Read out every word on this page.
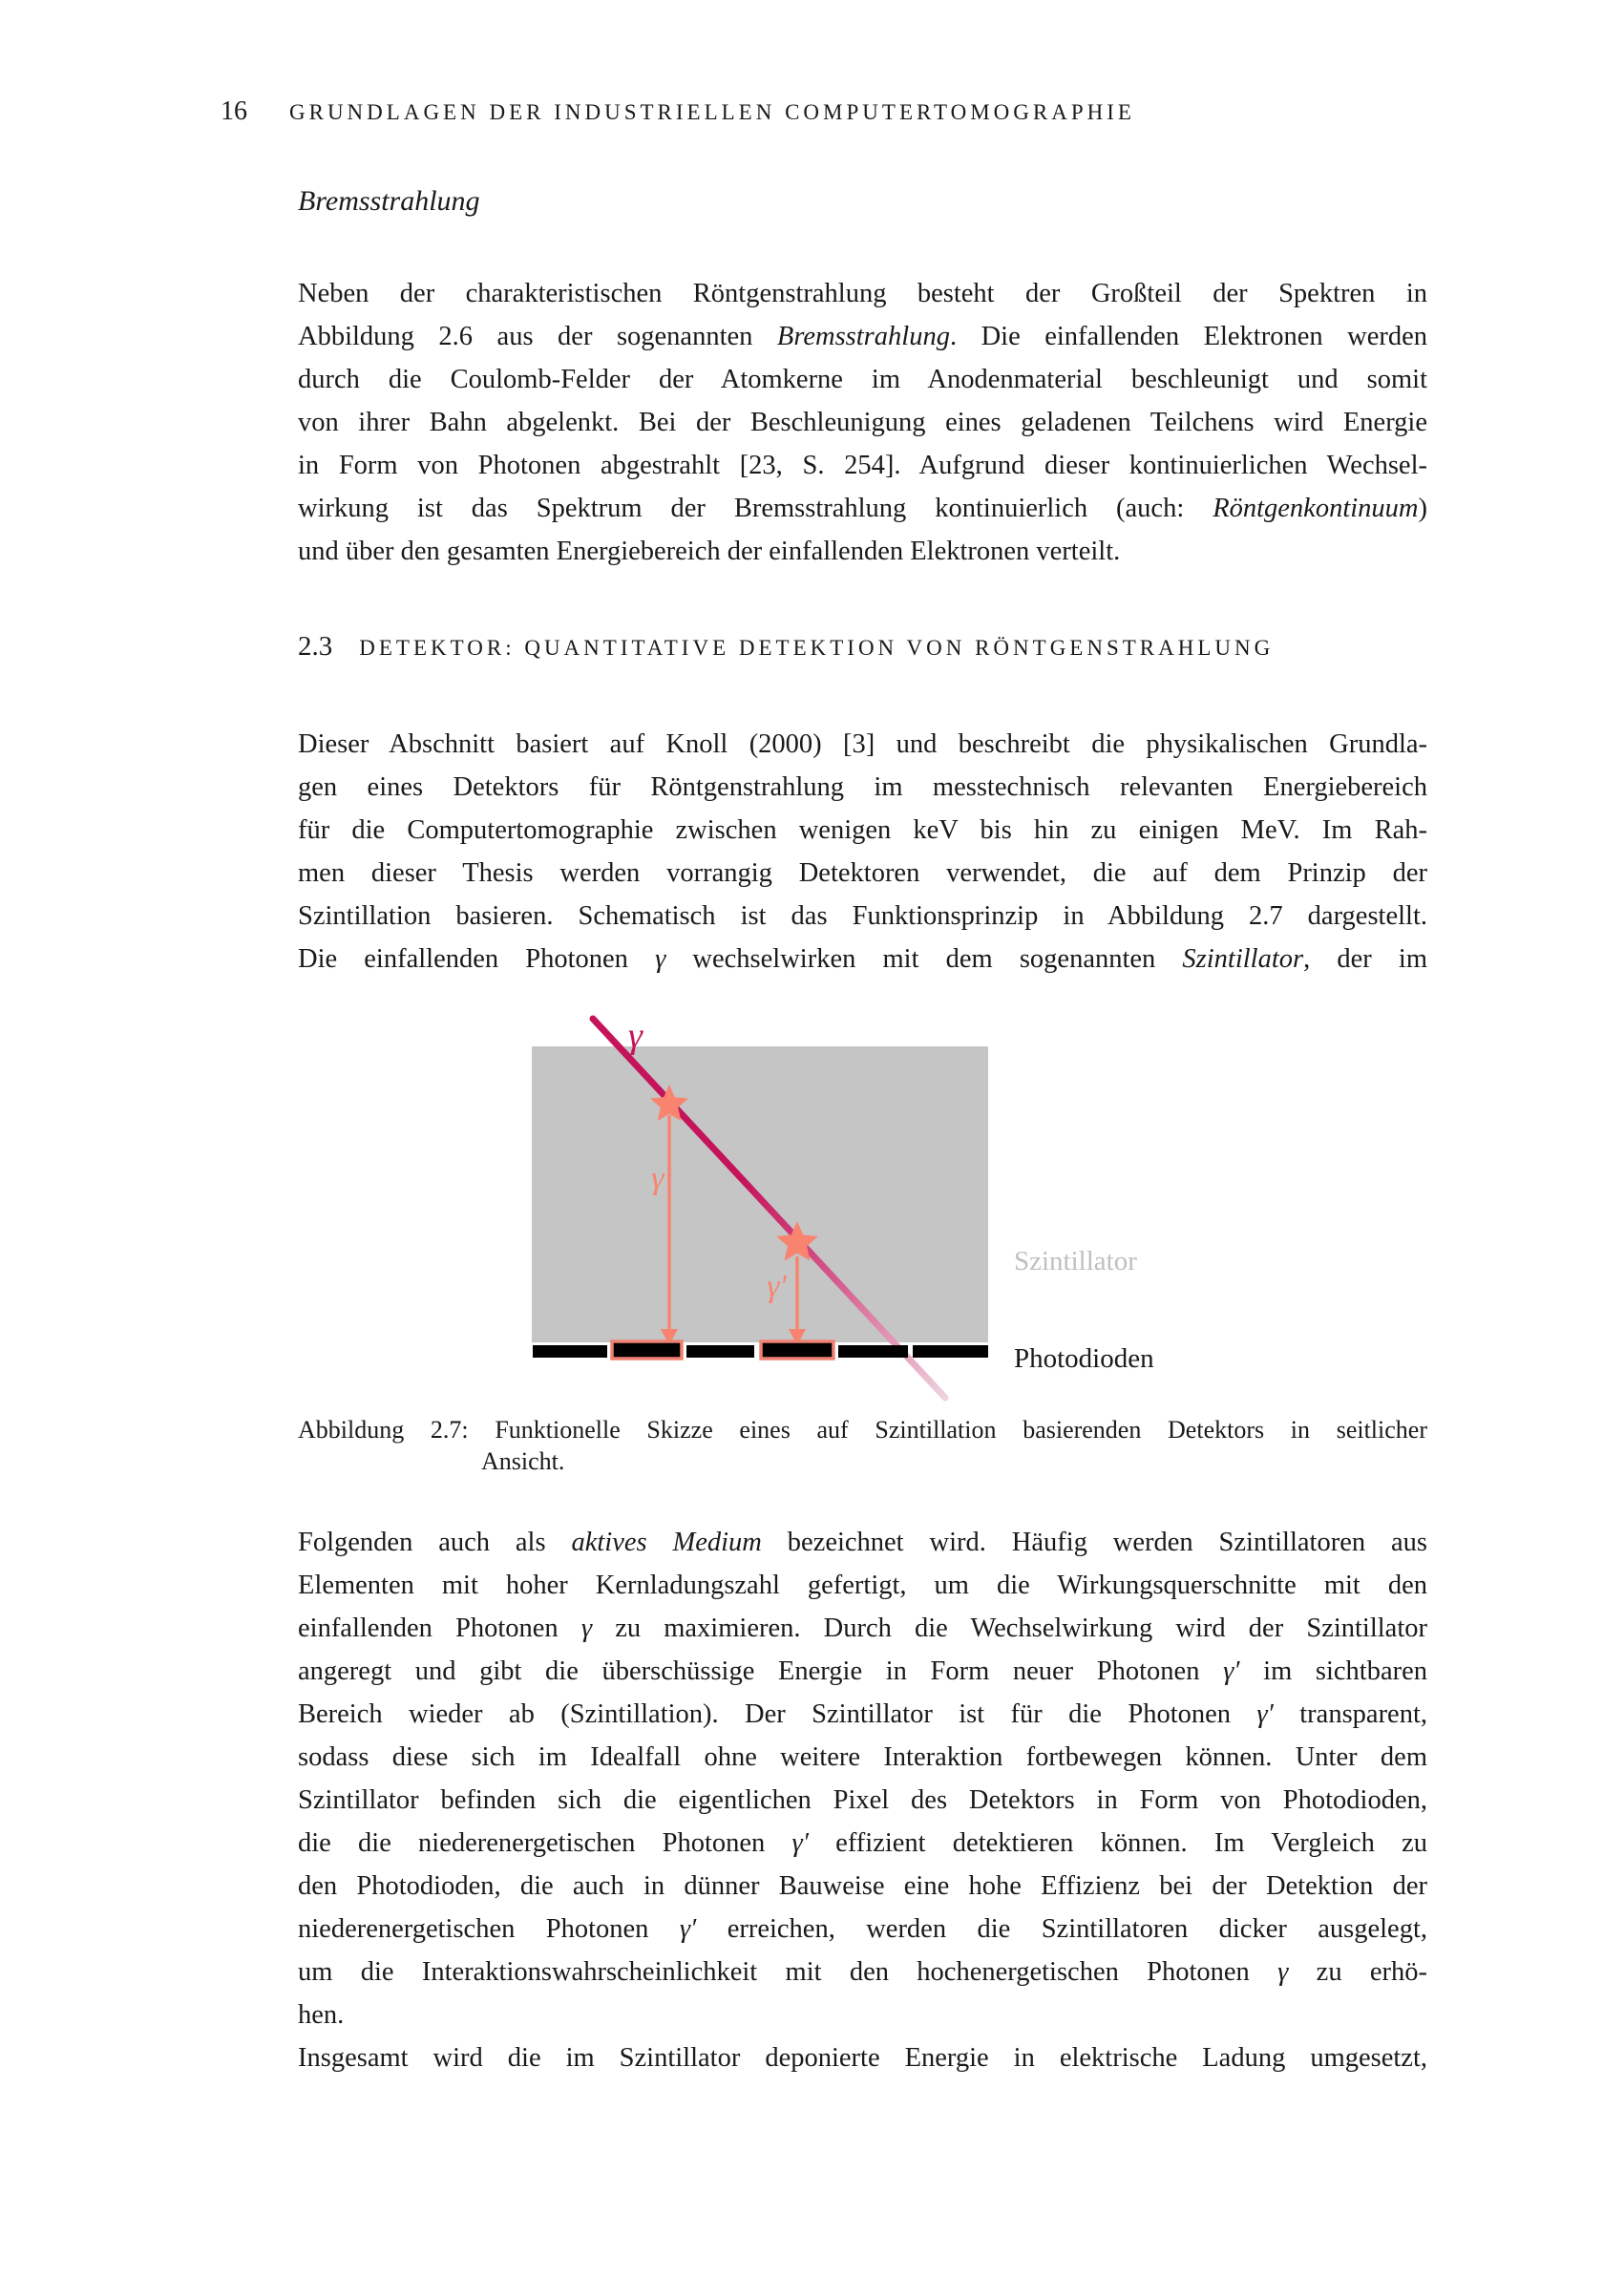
16 GRUNDLAGEN DER INDUSTRIELLEN COMPUTERTOMOGRAPHIE
Bremsstrahlung
Neben der charakteristischen Röntgenstrahlung besteht der Großteil der Spektren in
Abbildung 2.6 aus der sogenannten Bremsstrahlung. Die einfallenden Elektronen werden
durch die Coulomb-Felder der Atomkerne im Anodenmaterial beschleunigt und somit
von ihrer Bahn abgelenkt. Bei der Beschleunigung eines geladenen Teilchens wird Energie
in Form von Photonen abgestrahlt [23, S. 254]. Aufgrund dieser kontinuierlichen Wechsel-
wirkung ist das Spektrum der Bremsstrahlung kontinuierlich (auch: Röntgenkontinuum)
und über den gesamten Energiebereich der einfallenden Elektronen verteilt.
2.3 DETEKTOR: QUANTITATIVE DETEKTION VON RÖNTGENSTRAHLUNG
Dieser Abschnitt basiert auf Knoll (2000) [3] und beschreibt die physikalischen Grundla-
gen eines Detektors für Röntgenstrahlung im messtechnisch relevanten Energiebereich
für die Computertomographie zwischen wenigen keV bis hin zu einigen MeV. Im Rah-
men dieser Thesis werden vorrangig Detektoren verwendet, die auf dem Prinzip der
Szintillation basieren. Schematisch ist das Funktionsprinzip in Abbildung 2.7 dargestellt.
Die einfallenden Photonen γ wechselwirken mit dem sogenannten Szintillator, der im
γ
γ′
γ′
Szintillator
Photodioden
Abbildung 2.7: Funktionelle Skizze eines auf Szintillation basierenden Detektors in seitlicher
Ansicht.
Folgenden auch als aktives Medium bezeichnet wird. Häufig werden Szintillatoren aus
Elementen mit hoher Kernladungszahl gefertigt, um die Wirkungsquerschnitte mit den
einfallenden Photonen γ zu maximieren. Durch die Wechselwirkung wird der Szintillator
angeregt und gibt die überschüssige Energie in Form neuer Photonen γ′ im sichtbaren
Bereich wieder ab (Szintillation). Der Szintillator ist für die Photonen γ′ transparent,
sodass diese sich im Idealfall ohne weitere Interaktion fortbewegen können. Unter dem
Szintillator befinden sich die eigentlichen Pixel des Detektors in Form von Photodioden,
die die niederenergetischen Photonen γ′ effizient detektieren können. Im Vergleich zu
den Photodioden, die auch in dünner Bauweise eine hohe Effizienz bei der Detektion der
niederenergetischen Photonen γ′ erreichen, werden die Szintillatoren dicker ausgelegt,
um die Interaktionswahrscheinlichkeit mit den hochenergetischen Photonen γ zu erhö-
hen.
Insgesamt wird die im Szintillator deponierte Energie in elektrische Ladung umgesetzt,
